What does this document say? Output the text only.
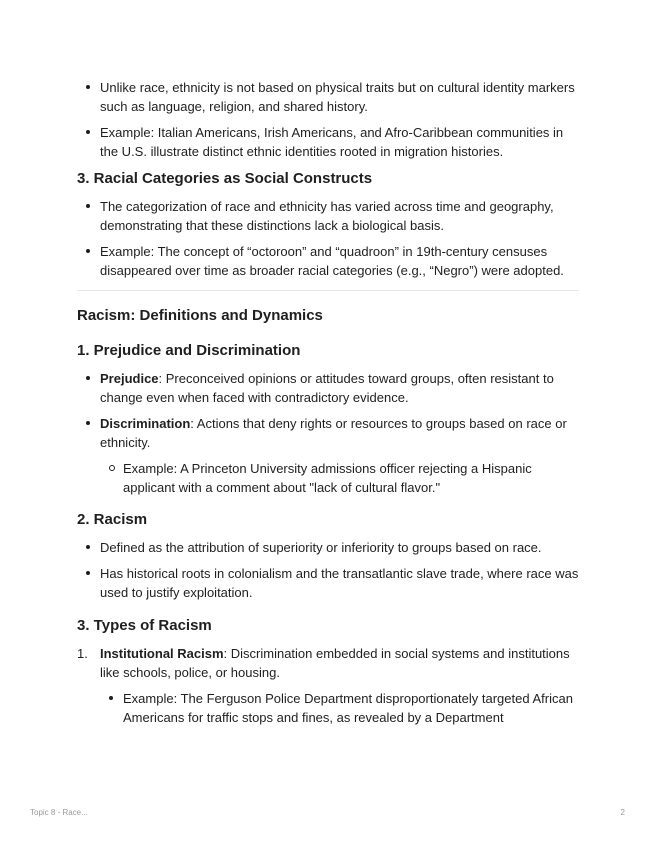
Unlike race, ethnicity is not based on physical traits but on cultural identity markers such as language, religion, and shared history.
Example: Italian Americans, Irish Americans, and Afro-Caribbean communities in the U.S. illustrate distinct ethnic identities rooted in migration histories.
3. Racial Categories as Social Constructs
The categorization of race and ethnicity has varied across time and geography, demonstrating that these distinctions lack a biological basis.
Example: The concept of “octoroon” and “quadroon” in 19th-century censuses disappeared over time as broader racial categories (e.g., “Negro”) were adopted.
Racism: Definitions and Dynamics
1. Prejudice and Discrimination
Prejudice: Preconceived opinions or attitudes toward groups, often resistant to change even when faced with contradictory evidence.
Discrimination: Actions that deny rights or resources to groups based on race or ethnicity.
Example: A Princeton University admissions officer rejecting a Hispanic applicant with a comment about "lack of cultural flavor."
2. Racism
Defined as the attribution of superiority or inferiority to groups based on race.
Has historical roots in colonialism and the transatlantic slave trade, where race was used to justify exploitation.
3. Types of Racism
1. Institutional Racism: Discrimination embedded in social systems and institutions like schools, police, or housing.
Example: The Ferguson Police Department disproportionately targeted African Americans for traffic stops and fines, as revealed by a Department
Topic 8 - Race...	2
